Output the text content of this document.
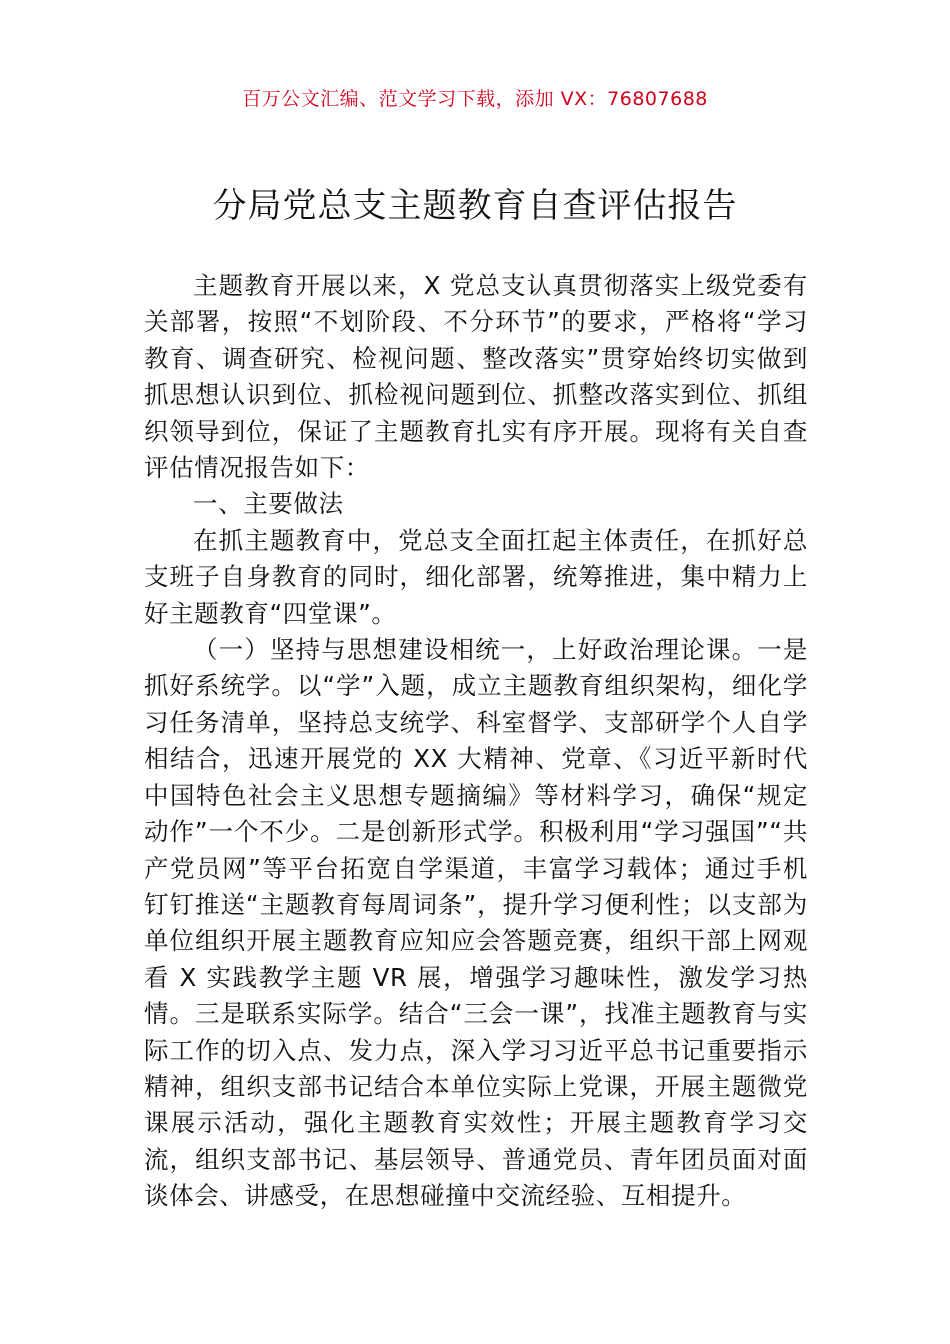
百万公文汇编、范文学习下载，添加 VX：76807688
分局党总支主题教育自查评估报告

主题教育开展以来，X 党总支认真贯彻落实上级党委有关部署，按照“不划阶段、不分环节”的要求，严格将“学习教育、调查研究、检视问题、整改落实”贯穿始终切实做到抓思想认识到位、抓检视问题到位、抓整改落实到位、抓组织领导到位，保证了主题教育扎实有序开展。现将有关自查评估情况报告如下：

一、主要做法

在抓主题教育中，党总支全面扛起主体责任，在抓好总支班子自身教育的同时，细化部署，统筹推进，集中精力上好主题教育“四堂课”。

（一）坚持与思想建设相统一，上好政治理论课。一是抓好系统学。以“学”入题，成立主题教育组织架构，细化学习任务清单，坚持总支统学、科室督学、支部研学个人自学相结合，迅速开展党的 XX 大精神、党章、《习近平新时代中国特色社会主义思想专题摘编》等材料学习，确保“规定动作”一个不少。二是创新形式学。积极利用“学习强国”“共产党员网”等平台拓宽自学渠道，丰富学习载体；通过手机钉钉推送“主题教育每周词条”，提升学习便利性；以支部为单位组织开展主题教育应知应会答题竞赛，组织干部上网观看 X 实践教学主题 VR 展，增强学习趣味性，激发学习热情。三是联系实际学。结合“三会一课”，找准主题教育与实际工作的切入点、发力点，深入学习习近平总书记重要指示精神，组织支部书记结合本单位实际上党课，开展主题微党课展示活动，强化主题教育实效性；开展主题教育学习交流，组织支部书记、基层领导、普通党员、青年团员面对面谈体会、讲感受，在思想碰撞中交流经验、互相提升。
